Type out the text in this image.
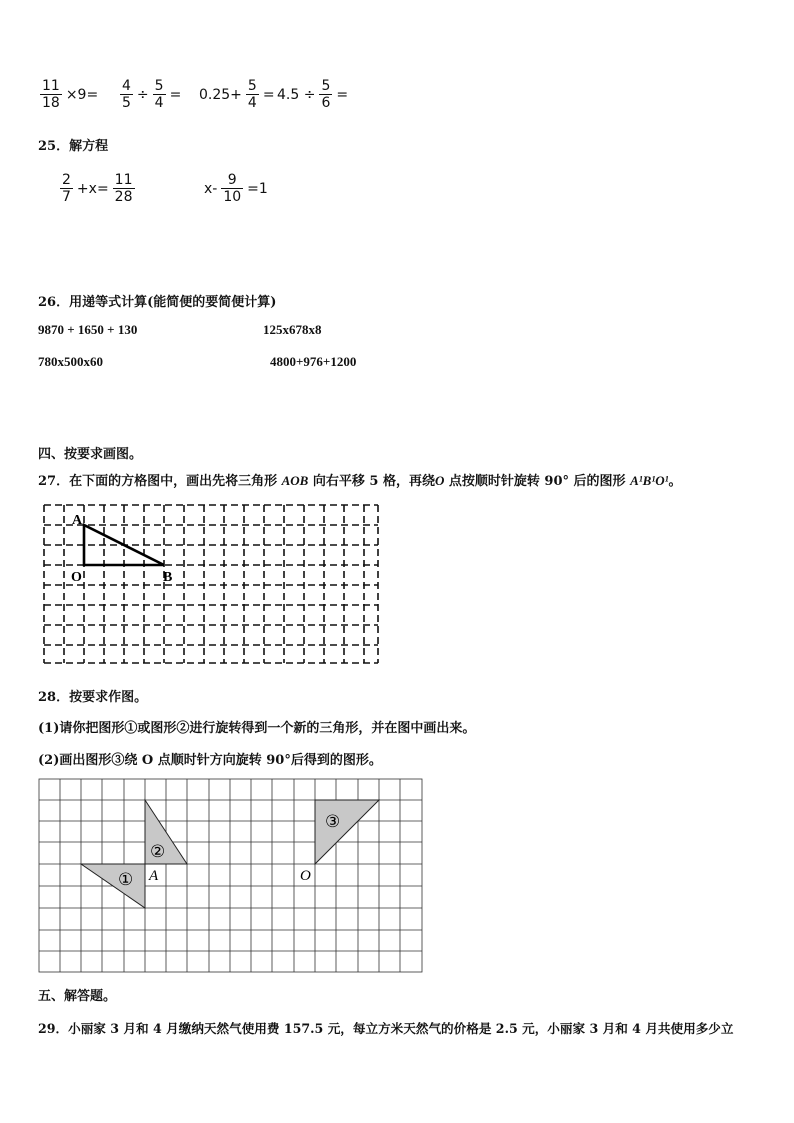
$\frac{11}{18} \times 9= \frac{4}{5} \div \frac{5}{4} = 0.25+ \frac{5}{4} = 4.5 \div \frac{5}{6}$ =
25．解方程
$\frac{2}{7} +x= \frac{11}{28}$	$x- \frac{9}{10} =1$
26．用递等式计算(能简便的要简便计算)
9870 + 1650 + 130	125x678x8
780x500x60	4800+976+1200
四、按要求画图。
27．在下面的方格图中，画出先将三角形 AOB 向右平移 5 格，再绕O 点按顺时针旋转 90° 后的图形 A¹B¹O¹。
A
O	B
28．按要求作图。
(1)请你把图形①或图形②进行旋转得到一个新的三角形，并在图中画出来。
(2)画出图形③绕 O 点顺时针方向旋转 90°后得到的图形。
①
②
③
A	O
五、解答题。
29．小丽家 3 月和 4 月缴纳天然气使用费 157.5 元，每立方米天然气的价格是 2.5 元，小丽家 3 月和 4 月共使用多少立
